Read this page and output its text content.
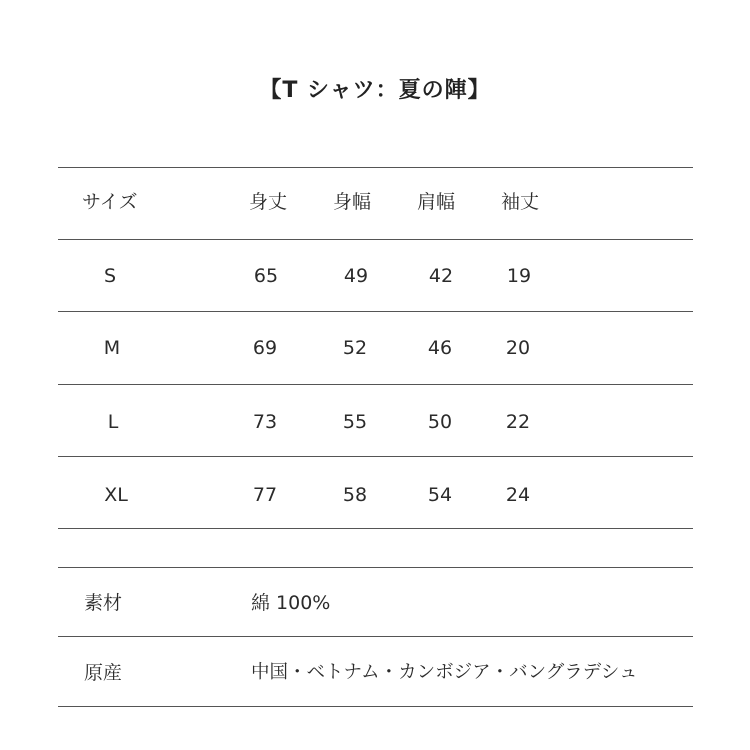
【T シャツ：夏の陣】
サイズ	身丈 身幅 肩幅 袖丈
S	65	49	42	19
M	69	52	46	20
L	73	55	50	22
XL	77	58	54	24
素材	綿 100%
原産	中国・ベトナム・カンボジア・バングラデシュ
